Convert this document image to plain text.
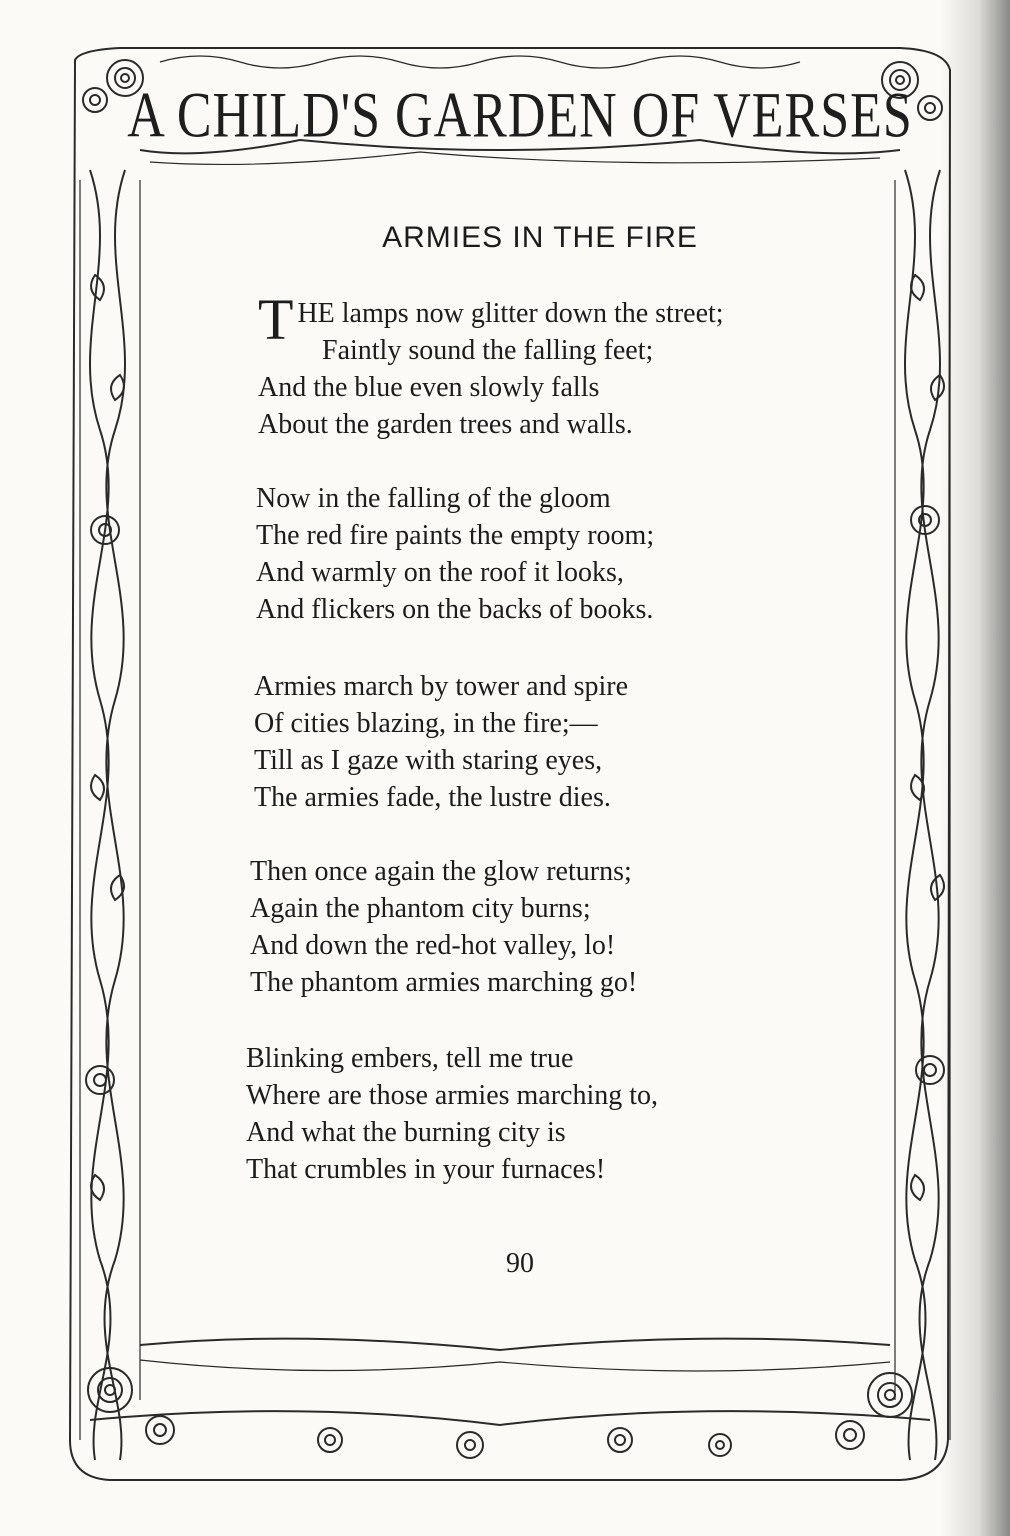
A CHILD'S GARDEN OF VERSES
ARMIES IN THE FIRE
THE lamps now glitter down the street;
Faintly sound the falling feet;
And the blue even slowly falls
About the garden trees and walls.
Now in the falling of the gloom
The red fire paints the empty room;
And warmly on the roof it looks,
And flickers on the backs of books.
Armies march by tower and spire
Of cities blazing, in the fire;—
Till as I gaze with staring eyes,
The armies fade, the lustre dies.
Then once again the glow returns;
Again the phantom city burns;
And down the red-hot valley, lo!
The phantom armies marching go!
Blinking embers, tell me true
Where are those armies marching to,
And what the burning city is
That crumbles in your furnaces!
90
